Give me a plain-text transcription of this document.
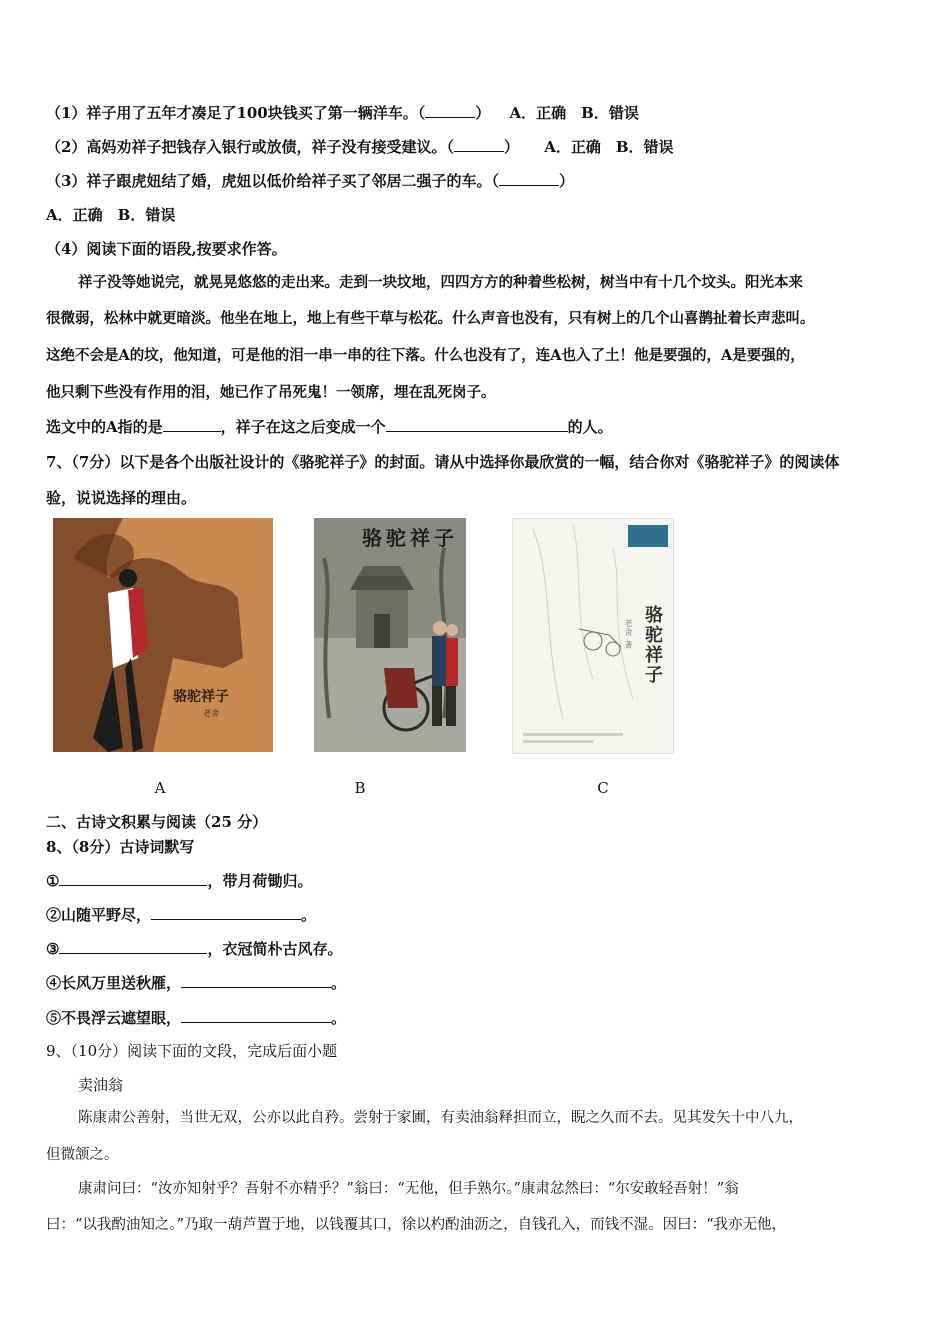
（1）祥子用了五年才凑足了100块钱买了第一辆洋车。（	） A．正确　B．错误
（2）高妈劝祥子把钱存入银行或放债，祥子没有接受建议。（	） A．正确　B．错误
（3）祥子跟虎妞结了婚，虎妞以低价给祥子买了邻居二强子的车。（	）
A．正确　B．错误
（4）阅读下面的语段,按要求作答。
祥子没等她说完，就晃晃悠悠的走出来。走到一块坟地，四四方方的种着些松树，树当中有十几个坟头。阳光本来
很微弱，松林中就更暗淡。他坐在地上，地上有些干草与松花。什么声音也没有，只有树上的几个山喜鹊扯着长声悲叫。
这绝不会是A的坟，他知道，可是他的泪一串一串的往下落。什么也没有了，连A也入了土！他是要强的，A是要强的，
他只剩下些没有作用的泪，她已作了吊死鬼！一领席，埋在乱死岗子。
选文中的A指的是	，祥子在这之后变成一个	的人。
7、（7分）以下是各个出版社设计的《骆驼祥子》的封面。请从中选择你最欣赏的一幅，结合你对《骆驼祥子》的阅读体
验，说说选择的理由。
骆驼祥子
老舍
骆驼祥子
骆驼祥子
老舍 著
A	B	C
二、古诗文积累与阅读（25 分）
8、（8分）古诗词默写
①	，带月荷锄归。
②山随平野尽，	。
③	，衣冠简朴古风存。
④长风万里送秋雁，	。
⑤不畏浮云遮望眼，	。
9、（10分）阅读下面的文段，完成后面小题
卖油翁
陈康肃公善射，当世无双，公亦以此自矜。尝射于家圃，有卖油翁释担而立，睨之久而不去。见其发矢十中八九，
但微颔之。
康肃问曰：“汝亦知射乎？吾射不亦精乎？”翁曰：“无他，但手熟尔。”康肃忿然曰：“尔安敢轻吾射！”翁
曰：“以我酌油知之。”乃取一葫芦置于地，以钱覆其口，徐以杓酌油沥之，自钱孔入，而钱不湿。因曰：“我亦无他，
